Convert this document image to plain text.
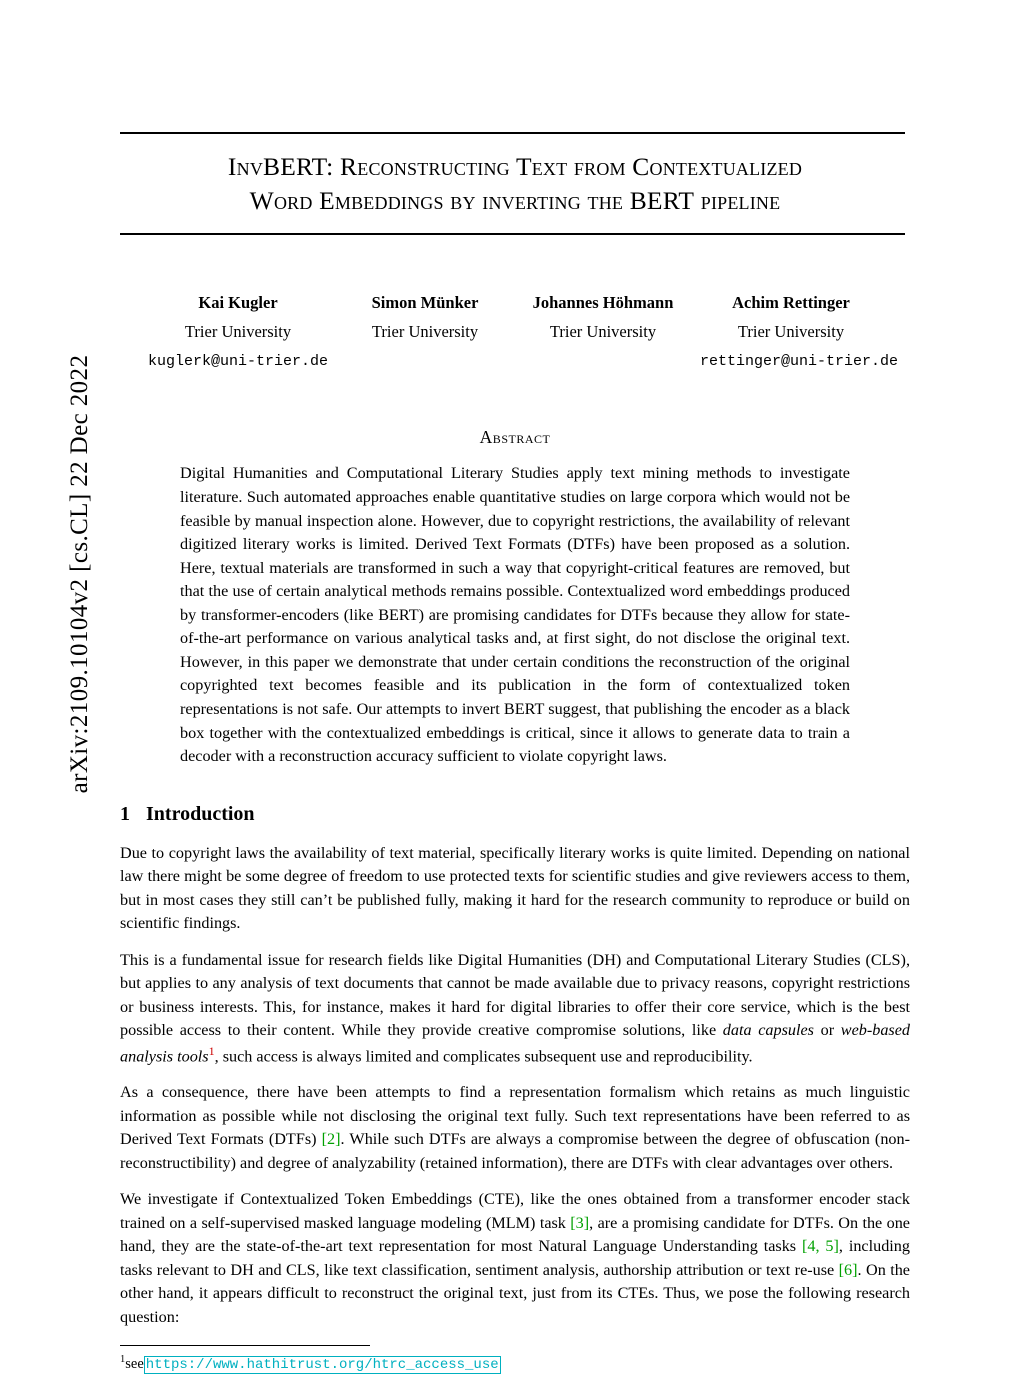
arXiv:2109.10104v2 [cs.CL] 22 Dec 2022
InvBERT: Reconstructing Text from Contextualized
Word Embeddings by inverting the BERT pipeline
Kai Kugler
Trier University
kuglerk@uni-trier.de
Simon Münker
Trier University
Johannes Höhmann
Trier University
Achim Rettinger
Trier University
rettinger@uni-trier.de
Abstract
Digital Humanities and Computational Literary Studies apply text mining methods to investigate literature. Such automated approaches enable quantitative studies on large corpora which would not be feasible by manual inspection alone. However, due to copyright restrictions, the availability of relevant digitized literary works is limited. Derived Text Formats (DTFs) have been proposed as a solution. Here, textual materials are transformed in such a way that copyright-critical features are removed, but that the use of certain analytical methods remains possible. Contextualized word embeddings produced by transformer-encoders (like BERT) are promising candidates for DTFs because they allow for state-of-the-art performance on various analytical tasks and, at first sight, do not disclose the original text. However, in this paper we demonstrate that under certain conditions the reconstruction of the original copyrighted text becomes feasible and its publication in the form of contextualized token representations is not safe. Our attempts to invert BERT suggest, that publishing the encoder as a black box together with the contextualized embeddings is critical, since it allows to generate data to train a decoder with a reconstruction accuracy sufficient to violate copyright laws.
1 Introduction

Due to copyright laws the availability of text material, specifically literary works is quite limited. Depending on national law there might be some degree of freedom to use protected texts for scientific studies and give reviewers access to them, but in most cases they still can’t be published fully, making it hard for the research community to reproduce or build on scientific findings.

This is a fundamental issue for research fields like Digital Humanities (DH) and Computational Literary Studies (CLS), but applies to any analysis of text documents that cannot be made available due to privacy reasons, copyright restrictions or business interests. This, for instance, makes it hard for digital libraries to offer their core service, which is the best possible access to their content. While they provide creative compromise solutions, like data capsules or web-based analysis tools$^1$, such access is always limited and complicates subsequent use and reproducibility.

As a consequence, there have been attempts to find a representation formalism which retains as much linguistic information as possible while not disclosing the original text fully. Such text representations have been referred to as Derived Text Formats (DTFs) [2]. While such DTFs are always a compromise between the degree of obfuscation (non-reconstructibility) and degree of analyzability (retained information), there are DTFs with clear advantages over others.

We investigate if Contextualized Token Embeddings (CTE), like the ones obtained from a transformer encoder stack trained on a self-supervised masked language modeling (MLM) task [3], are a promising candidate for DTFs. On the one hand, they are the state-of-the-art text representation for most Natural Language Understanding tasks [4, 5], including tasks relevant to DH and CLS, like text classification, sentiment analysis, authorship attribution or text re-use [6]. On the other hand, it appears difficult to reconstruct the original text, just from its CTEs. Thus, we pose the following research question:

$^1$see https://www.hathitrust.org/htrc_access_use
